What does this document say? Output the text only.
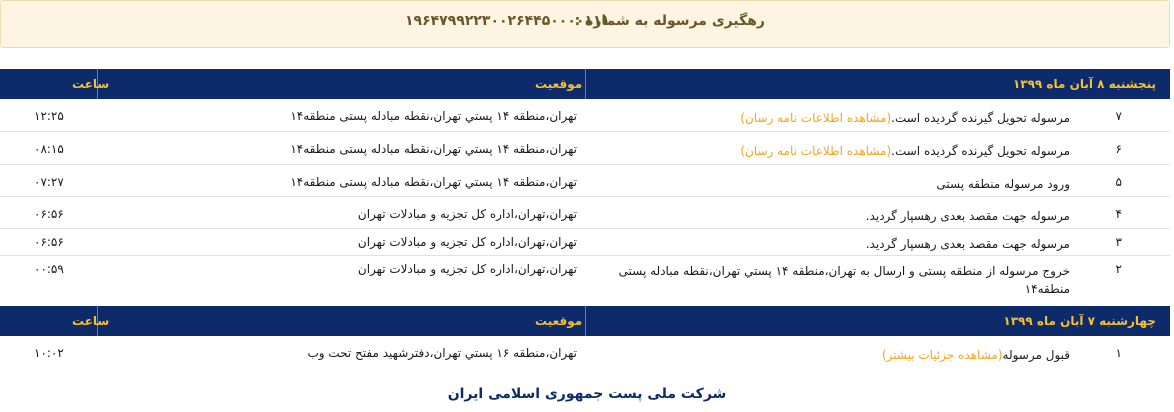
رهگیری مرسوله به شماره :
۱۹۶۴۷۹۹۲۲۳۰۰۲۶۴۴۵۰۰۰۰۱۱۱
پنجشنبه ۸ آبان ماه ۱۳۹۹
موقعیت
ساعت
۷
مرسوله تحویل گیرنده گردیده است.(مشاهده اطلاعات نامه رسان)
تهران،منطقه ۱۴ پستي تهران،نقطه مبادله پستی منطقه۱۴
۱۲:۲۵
۶
مرسوله تحویل گیرنده گردیده است.(مشاهده اطلاعات نامه رسان)
تهران،منطقه ۱۴ پستي تهران،نقطه مبادله پستی منطقه۱۴
۰۸:۱۵
۵
ورود مرسوله منطقه پستی
تهران،منطقه ۱۴ پستي تهران،نقطه مبادله پستی منطقه۱۴
۰۷:۲۷
۴
مرسوله جهت مقصد بعدی رهسپار گردید.
تهران،تهران،اداره کل تجزیه و مبادلات تهران
۰۶:۵۶
۳
مرسوله جهت مقصد بعدی رهسپار گردید.
تهران،تهران،اداره کل تجزیه و مبادلات تهران
۰۶:۵۶
۲
خروج مرسوله از منطقه پستی و ارسال به تهران،منطقه ۱۴ پستي تهران،نقطه مبادله پستی منطقه۱۴
تهران،تهران،اداره کل تجزیه و مبادلات تهران
۰۰:۵۹
چهارشنبه ۷ آبان ماه ۱۳۹۹
موقعیت
ساعت
۱
قبول مرسوله(مشاهده جزئیات بیشتر)
تهران،منطقه ۱۶ پستي تهران،دفترشهید مفتح تحت وب
۱۰:۰۲
شرکت ملی پست جمهوری اسلامی ایران
